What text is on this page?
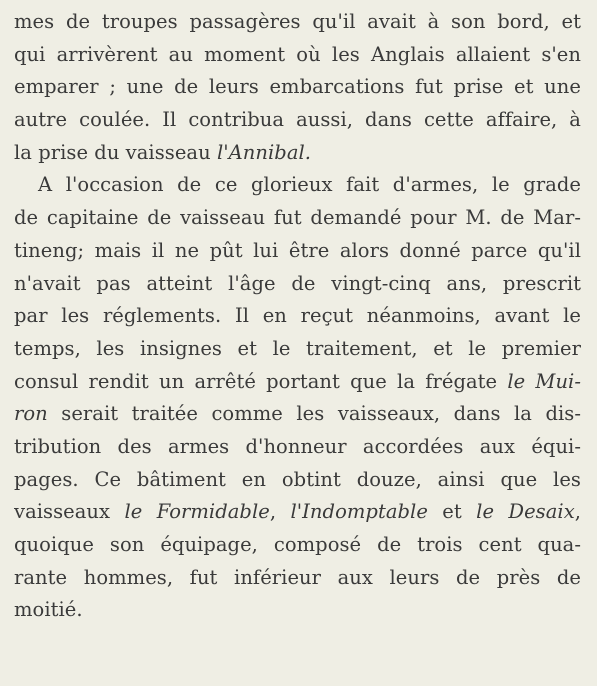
mes de troupes passagères qu'il avait à son bord, et
qui arrivèrent au moment où les Anglais allaient s'en
emparer ; une de leurs embarcations fut prise et une
autre coulée. Il contribua aussi, dans cette affaire, à
la prise du vaisseau l'Annibal.
A l'occasion de ce glorieux fait d'armes, le grade
de capitaine de vaisseau fut demandé pour M. de Mar-
tineng; mais il ne pût lui être alors donné parce qu'il
n'avait pas atteint l'âge de vingt-cinq ans, prescrit
par les réglements. Il en reçut néanmoins, avant le
temps, les insignes et le traitement, et le premier
consul rendit un arrêté portant que la frégate le Mui-
ron serait traitée comme les vaisseaux, dans la dis-
tribution des armes d'honneur accordées aux équi-
pages. Ce bâtiment en obtint douze, ainsi que les
vaisseaux le Formidable, l'Indomptable et le Desaix,
quoique son équipage, composé de trois cent qua-
rante hommes, fut inférieur aux leurs de près de
moitié.
